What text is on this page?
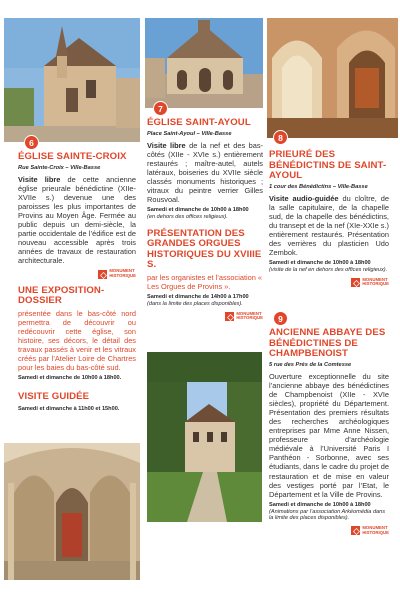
6
7
8
ÉGLISE SAINTE-CROIX
Rue Sainte-Croix – Ville-Basse
Visite libre de cette ancienne église prieurale bénédictine (XIIe-XVIIe s.) devenue une des paroisses les plus importantes de Provins au Moyen Âge. Fermée au public depuis un demi-siècle, la partie occidentale de l’édifice est de nouveau accessible après trois années de travaux de restauration architecturale.
MONUMENT
HISTORIQUE
UNE EXPOSITION-DOSSIER
présentée dans le bas-côté nord permettra de découvrir ou redécouvrir cette église, son histoire, ses décors, le détail des travaux passés à venir et les vitraux créés par l’Atelier Loire de Chartres pour les baies du bas-côté sud.
Samedi et dimanche de 10h00 à 18h00.
VISITE GUIDÉE
Samedi et dimanche à 11h00 et 15h00.
ÉGLISE SAINT-AYOUL
Place Saint-Ayoul – Ville-Basse
Visite libre de la nef et des bas-côtés (XIIe - XVIe s.) entièrement restaurés ; maître-autel, autels latéraux, boiseries du XVIIe siècle classés monuments historiques ; vitraux du peintre verrier Gilles Rousvoal.
Samedi et dimanche de 10h00 à 18h00
(en dehors des offices religieux).
PRÉSENTATION DES GRANDES ORGUES HISTORIQUES DU XVIIIE S.
par les organistes et l’association « Les Orgues de Provins ».
Samedi et dimanche de 14h00 à 17h00
(dans la limite des places disponibles).
MONUMENT
HISTORIQUE
PRIEURÉ DES BÉNÉDICTINS DE SAINT-AYOUL
1 cour des Bénédictins – Ville-Basse
Visite audio-guidée du cloître, de la salle capitulaire, de la chapelle sud, de la chapelle des bénédictins, du transept et de la nef (XIe-XXIe s.) entièrement restaurés. Présentation des verrières du plasticien Udo Zembok.
Samedi et dimanche de 10h00 à 18h00
(visite de la nef en dehors des offices religieux).
MONUMENT
HISTORIQUE
9
ANCIENNE ABBAYE DES BÉNÉDICTINES DE CHAMPBENOIST
5 rue des Prés de la Comtesse
Ouverture exceptionnelle du site l’ancienne abbaye des bénédictines de Champbenoist (XIIe - XVIe siècles), propriété du Département. Présentation des premiers résultats des recherches archéologiques entreprises par Mme Anne Nissen, professeure d’archéologie médiévale à l’Université Paris I Panthéon - Sorbonne, avec ses étudiants, dans le cadre du projet de restauration et de mise en valeur des vestiges porté par l’Etat, le Département et la Ville de Provins.
Samedi et dimanche de 10h00 à 18h00
(Animations par l’association Arkéomédia dans la limite des places disponibles).
MONUMENT
HISTORIQUE
